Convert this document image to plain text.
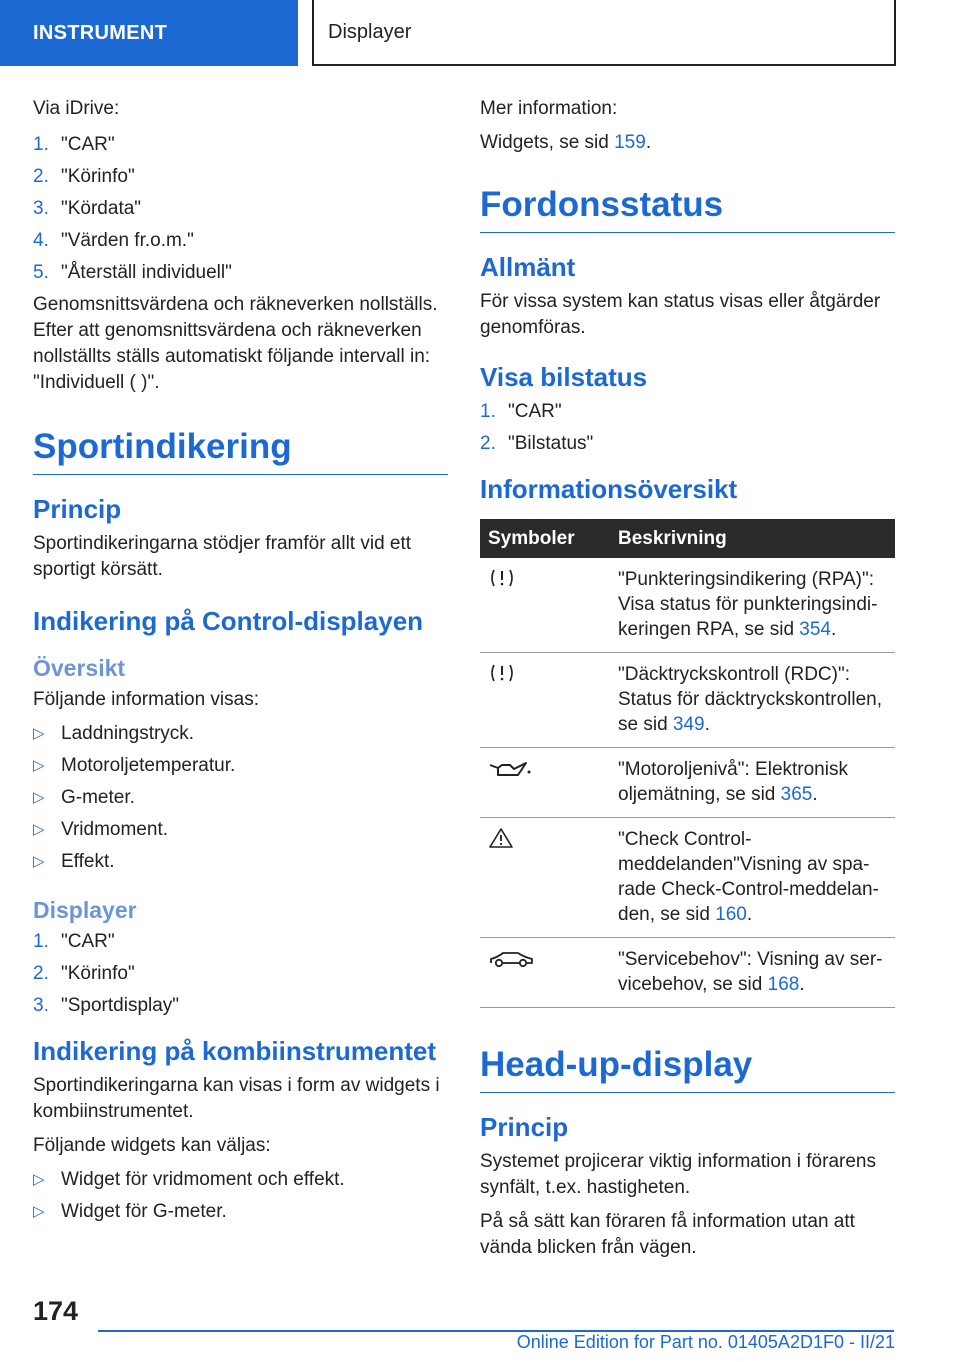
INSTRUMENT	Displayer

Via iDrive:

1. "CAR"
2. "Körinfo"
3. "Kördata"
4. "Värden fr.o.m."
5. "Återställ individuell"

Genomsnittsvärdena och räkneverken nollställs. Efter att genomsnittsvärdena och räkneverken nollställts ställs automatiskt följande intervall in: "Individuell ( )".

Sportindikering
Princip

Sportindikeringarna stödjer framför allt vid ett sportigt körsätt.

Indikering på Control-displayen
Översikt

Följande information visas:

▷ Laddningstryck.
▷ Motoroljetemperatur.
▷ G-meter.
▷ Vridmoment.
▷ Effekt.
Displayer
1. "CAR"
2. "Körinfo"
3. "Sportdisplay"
Indikering på kombiinstrumentet

Sportindikeringarna kan visas i form av widgets i kombiinstrumentet.

Följande widgets kan väljas:

▷ Widget för vridmoment och effekt.
▷ Widget för G-meter.

Mer information:

Widgets, se sid 159.

Fordonsstatus
Allmänt

För vissa system kan status visas eller åtgärder genomföras.

Visa bilstatus
1. "CAR"
2. "Bilstatus"
Informationsöversikt
Symboler	Beskrivning
	"Punkteringsindikering (RPA)": Visa status för punkteringsindikeringen RPA, se sid 354.
	"Däcktryckskontroll (RDC)": Status för däcktryckskontrollen, se sid 349.
	"Motoroljenivå": Elektronisk oljemätning, se sid 365.
	"Check Control-meddelanden"Visning av sparade Check-Control-meddelanden, se sid 160.
	"Servicebehov": Visning av servicebehov, se sid 168.
Head-up-display
Princip

Systemet projicerar viktig information i förarens synfält, t.ex. hastigheten.

På så sätt kan föraren få information utan att vända blicken från vägen.

174
Online Edition for Part no. 01405A2D1F0 - II/21
